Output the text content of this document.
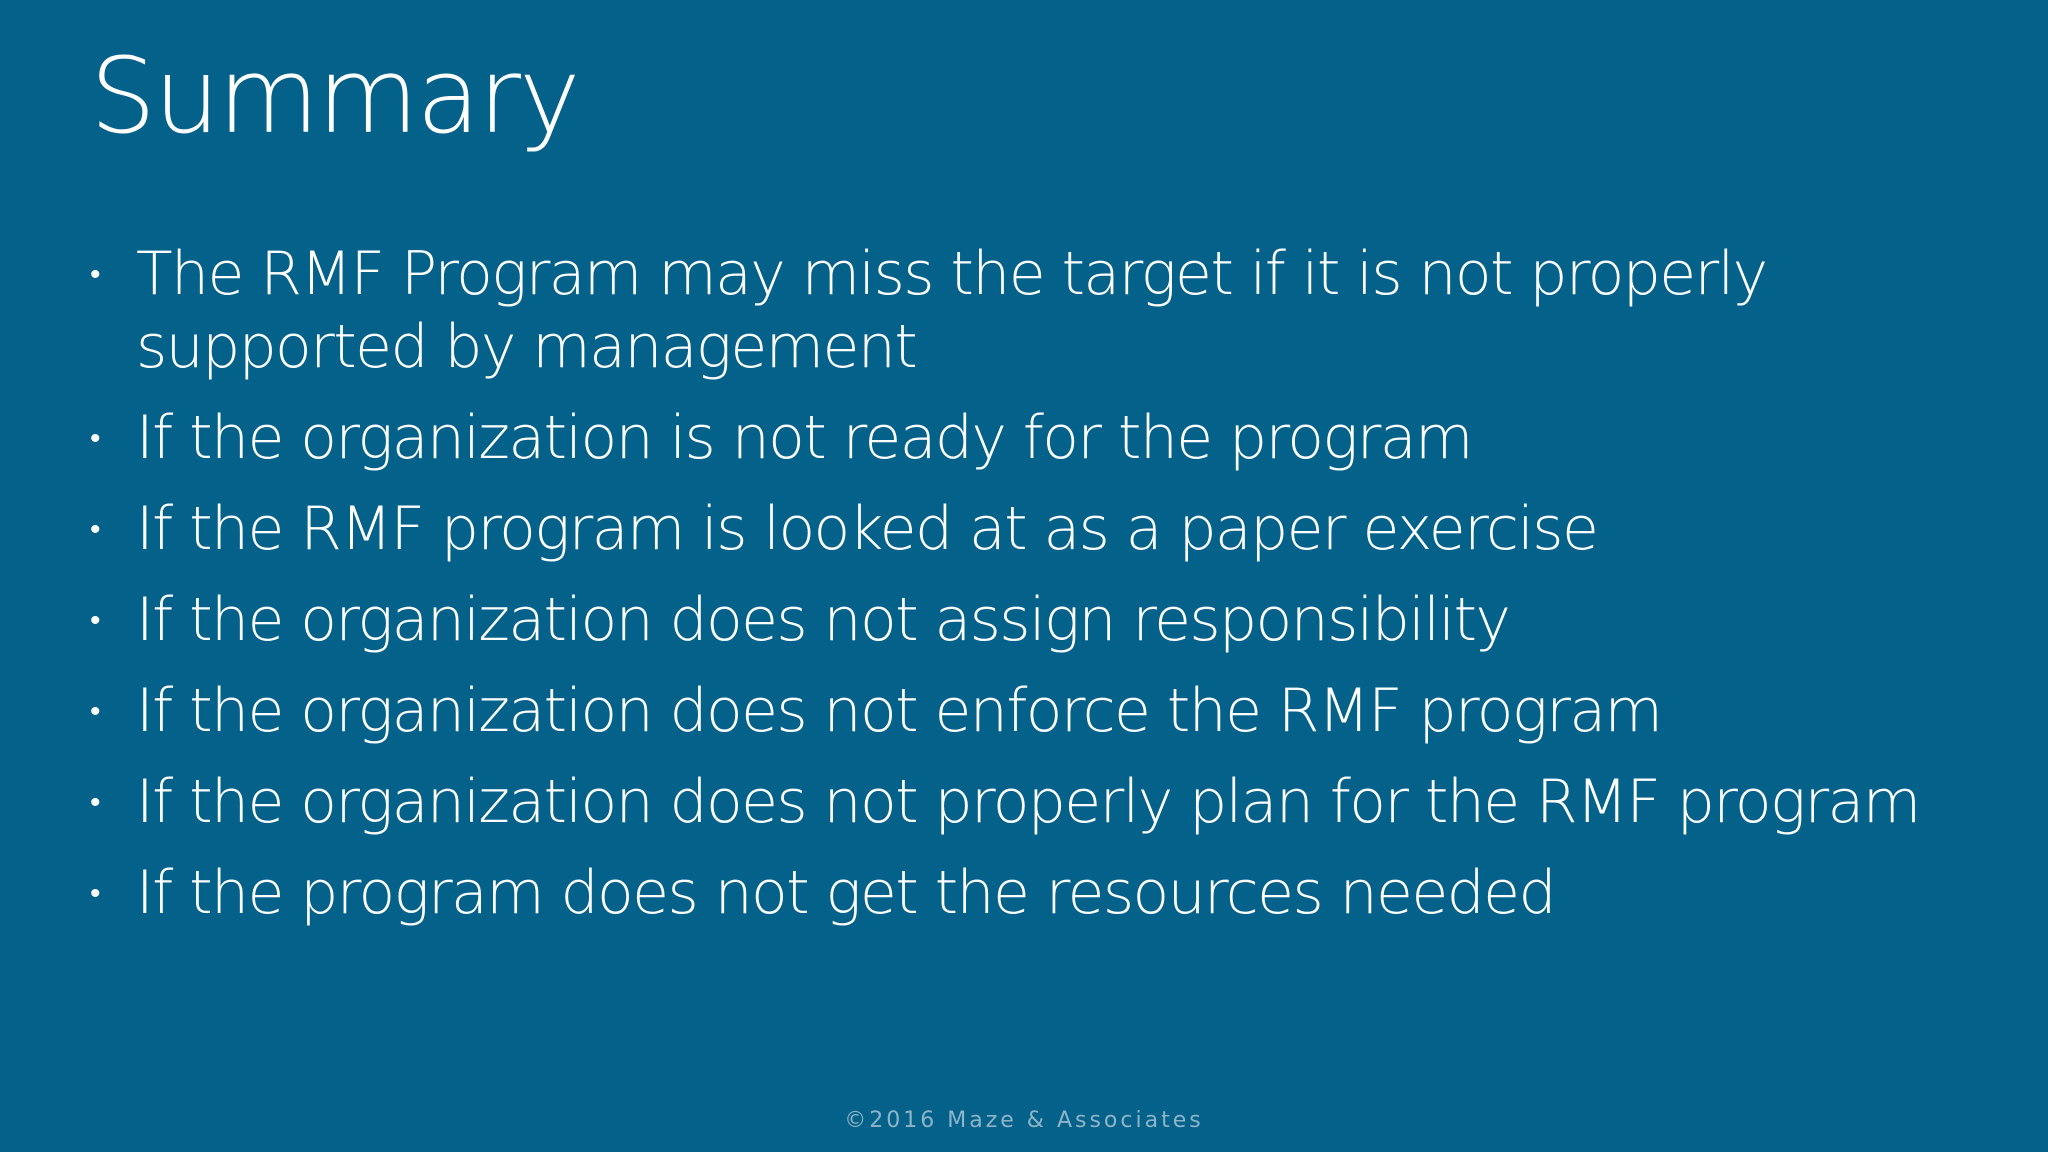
Summary
• The RMF Program may miss the target if it is not properly supported by management
• If the organization is not ready for the program
• If the RMF program is looked at as a paper exercise
• If the organization does not assign responsibility
• If the organization does not enforce the RMF program
• If the organization does not properly plan for the RMF program
• If the program does not get the resources needed
©2016 Maze & Associates
